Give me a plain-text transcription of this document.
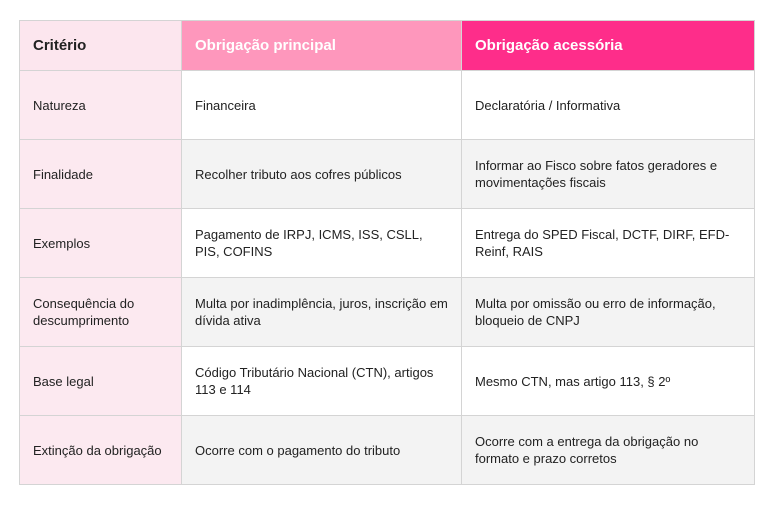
Critério	Obrigação principal	Obrigação acessória
Natureza	Financeira	Declaratória / Informativa
Finalidade	Recolher tributo aos cofres públicos	Informar ao Fisco sobre fatos geradores e movimentações fiscais
Exemplos	Pagamento de IRPJ, ICMS, ISS, CSLL, PIS, COFINS	Entrega do SPED Fiscal, DCTF, DIRF, EFD-Reinf, RAIS
Consequência do descumprimento	Multa por inadimplência, juros, inscrição em dívida ativa	Multa por omissão ou erro de informação, bloqueio de CNPJ
Base legal	Código Tributário Nacional (CTN), artigos 113 e 114	Mesmo CTN, mas artigo 113, § 2º
Extinção da obrigação	Ocorre com o pagamento do tributo	Ocorre com a entrega da obrigação no formato e prazo corretos
